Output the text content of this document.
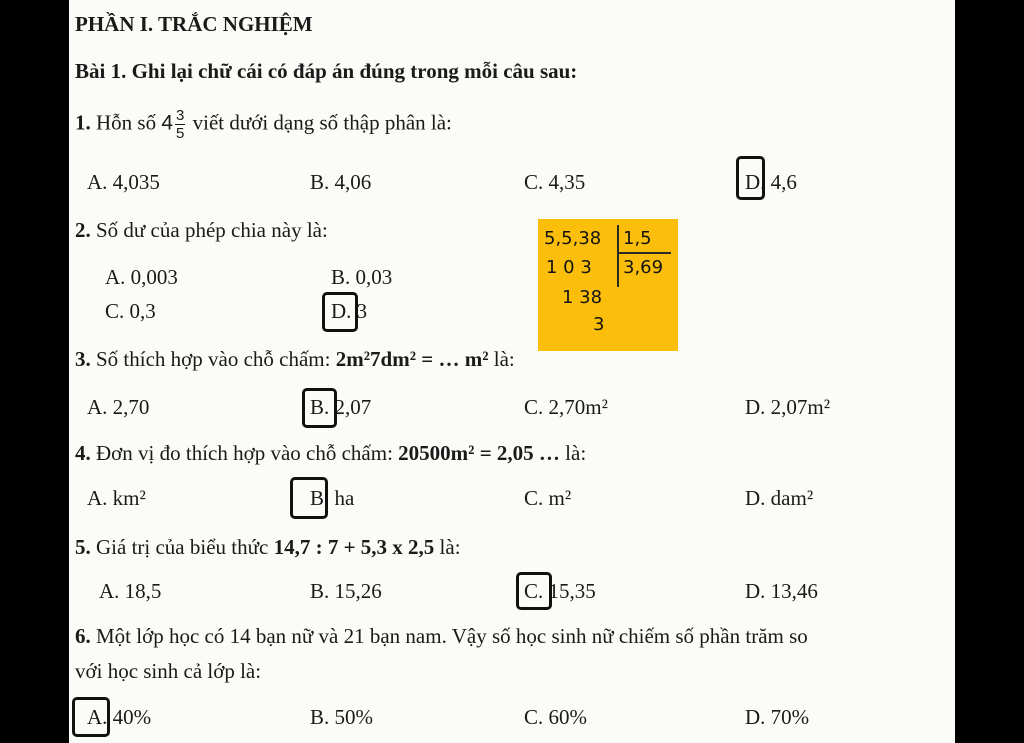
PHẦN I. TRẮC NGHIỆM
Bài 1. Ghi lại chữ cái có đáp án đúng trong mỗi câu sau:
1. Hỗn số $4 \frac{3}{5}$ viết dưới dạng số thập phân là:
A. 4,035	B. 4,06	C. 4,35	D. 4,6
2. Số dư của phép chia này là:
A. 0,003	B. 0,03
C. 0,3	D. 3
5,5,38 1,5
1 0 3 3,69
1 38
3
3. Số thích hợp vào chỗ chấm: 2m²7dm² = … m² là:
A. 2,70	B. 2,07	C. 2,70m²	D. 2,07m²
4. Đơn vị đo thích hợp vào chỗ chấm: 20500m² = 2,05 … là:
A. km²	B. ha	C. m²	D. dam²
5. Giá trị của biểu thức 14,7 : 7 + 5,3 x 2,5 là:
A. 18,5	B. 15,26	C. 15,35	D. 13,46
6. Một lớp học có 14 bạn nữ và 21 bạn nam. Vậy số học sinh nữ chiếm số phần trăm so
với học sinh cả lớp là:
A. 40%	B. 50%	C. 60%	D. 70%
